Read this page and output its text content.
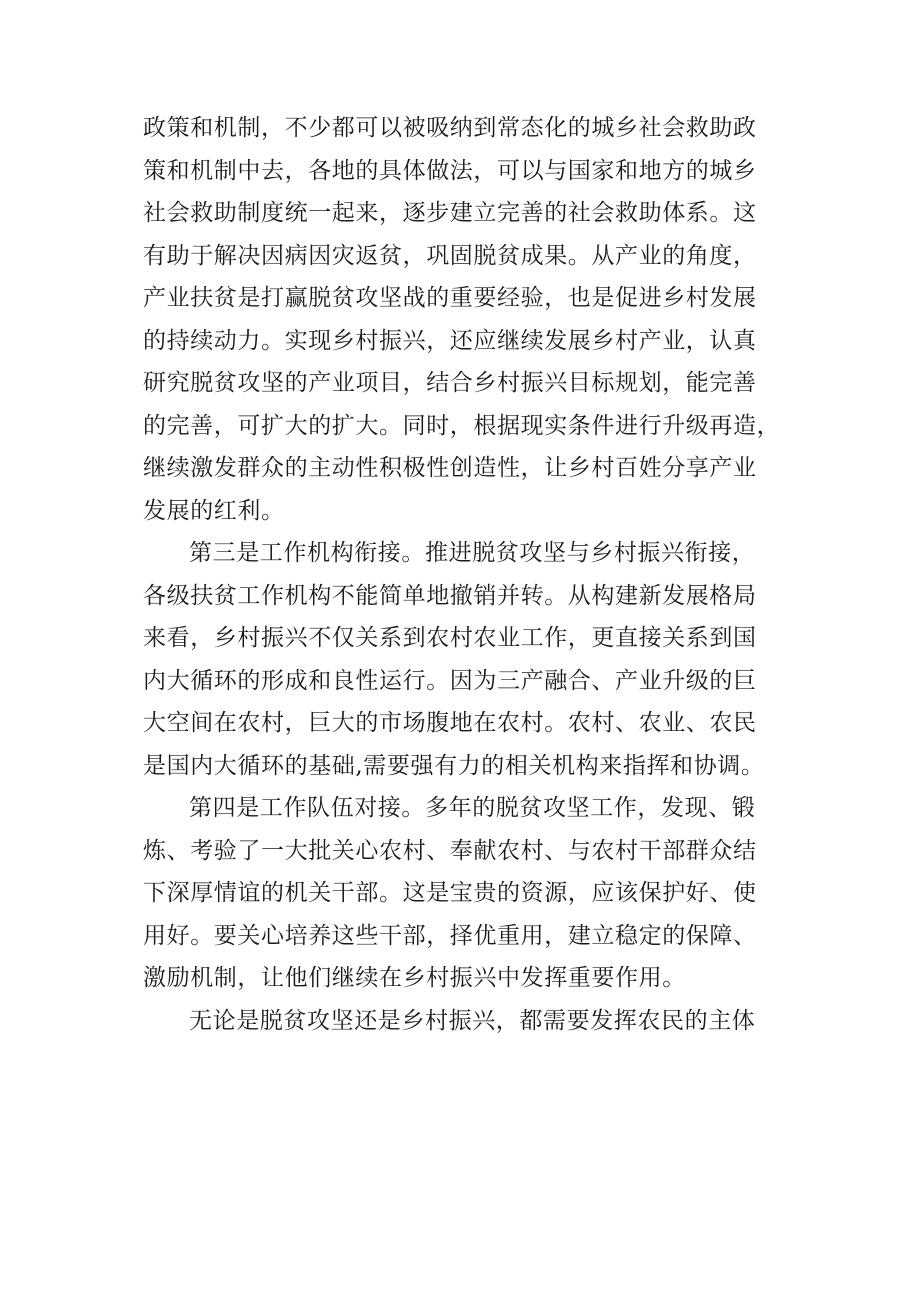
政策和机制，不少都可以被吸纳到常态化的城乡社会救助政
策和机制中去，各地的具体做法，可以与国家和地方的城乡
社会救助制度统一起来，逐步建立完善的社会救助体系。这
有助于解决因病因灾返贫，巩固脱贫成果。从产业的角度，
产业扶贫是打赢脱贫攻坚战的重要经验，也是促进乡村发展
的持续动力。实现乡村振兴，还应继续发展乡村产业，认真
研究脱贫攻坚的产业项目，结合乡村振兴目标规划，能完善
的完善，可扩大的扩大。同时，根据现实条件进行升级再造，
继续激发群众的主动性积极性创造性，让乡村百姓分享产业
发展的红利。

第三是工作机构衔接。推进脱贫攻坚与乡村振兴衔接，
各级扶贫工作机构不能简单地撤销并转。从构建新发展格局
来看，乡村振兴不仅关系到农村农业工作，更直接关系到国
内大循环的形成和良性运行。因为三产融合、产业升级的巨
大空间在农村，巨大的市场腹地在农村。农村、农业、农民
是国内大循环的基础,需要强有力的相关机构来指挥和协调。

第四是工作队伍对接。多年的脱贫攻坚工作，发现、锻
炼、考验了一大批关心农村、奉献农村、与农村干部群众结
下深厚情谊的机关干部。这是宝贵的资源，应该保护好、使
用好。要关心培养这些干部，择优重用，建立稳定的保障、
激励机制，让他们继续在乡村振兴中发挥重要作用。

无论是脱贫攻坚还是乡村振兴，都需要发挥农民的主体
